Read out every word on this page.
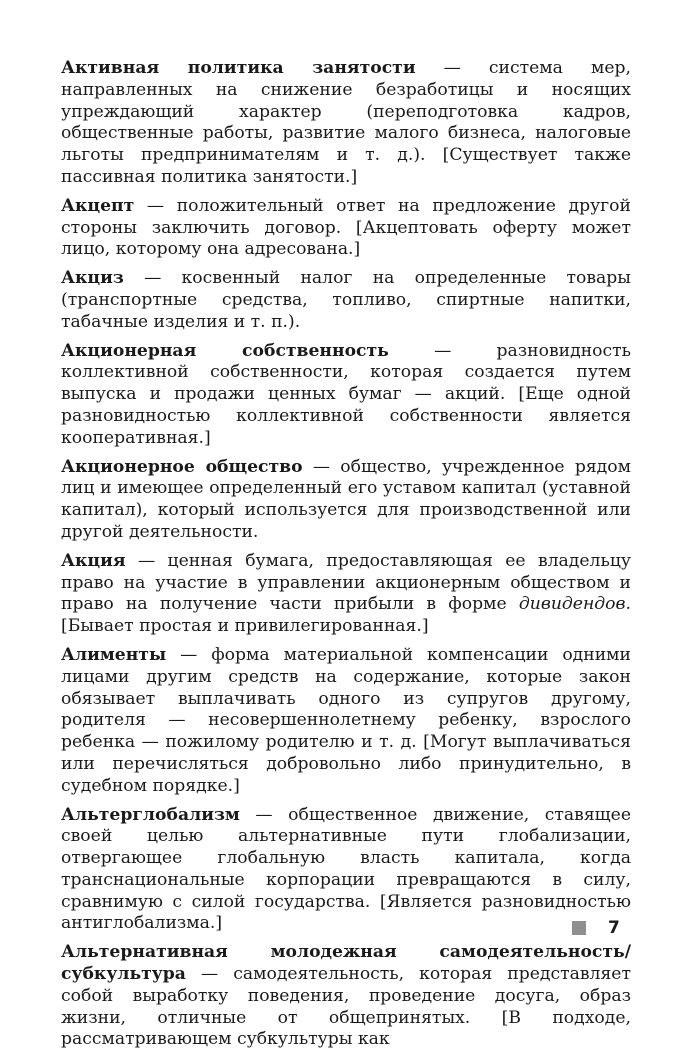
Активная политика занятости — система мер, направленных на снижение безработицы и носящих упреждающий характер (переподготовка кадров, общественные работы, развитие малого бизнеса, налоговые льготы предпринимателям и т. д.). [Существует также пассивная политика занятости.]

Акцепт — положительный ответ на предложение другой стороны заключить договор. [Акцептовать оферту может лицо, которому она адресована.]

Акциз — косвенный налог на определенные товары (транспортные средства, топливо, спиртные напитки, табачные изделия и т. п.).

Акционерная собственность — разновидность коллективной собственности, которая создается путем выпуска и продажи ценных бумаг — акций. [Еще одной разновидностью коллективной собственности является кооперативная.]

Акционерное общество — общество, учрежденное рядом лиц и имеющее определенный его уставом капитал (уставной капитал), который используется для производственной или другой деятельности.

Акция — ценная бумага, предоставляющая ее владельцу право на участие в управлении акционерным обществом и право на получение части прибыли в форме дивидендов. [Бывает простая и привилегированная.]

Алименты — форма материальной компенсации одними лицами другим средств на содержание, которые закон обязывает выплачивать одного из супругов другому, родителя — несовершеннолетнему ребенку, взрослого ребенка — пожилому родителю и т. д. [Могут выплачиваться или перечисляться добровольно либо принудительно, в судебном порядке.]

Альтерглобализм — общественное движение, ставящее своей целью альтернативные пути глобализации, отвергающее глобальную власть капитала, когда транснациональные корпорации превращаются в силу, сравнимую с силой государства. [Является разновидностью антиглобализма.]

Альтернативная молодежная самодеятельность/субкультура — самодеятельность, которая представляет собой выработку поведения, проведение досуга, образ жизни, отличные от общепринятых. [В подходе, рассматривающем субкультуры как

7
